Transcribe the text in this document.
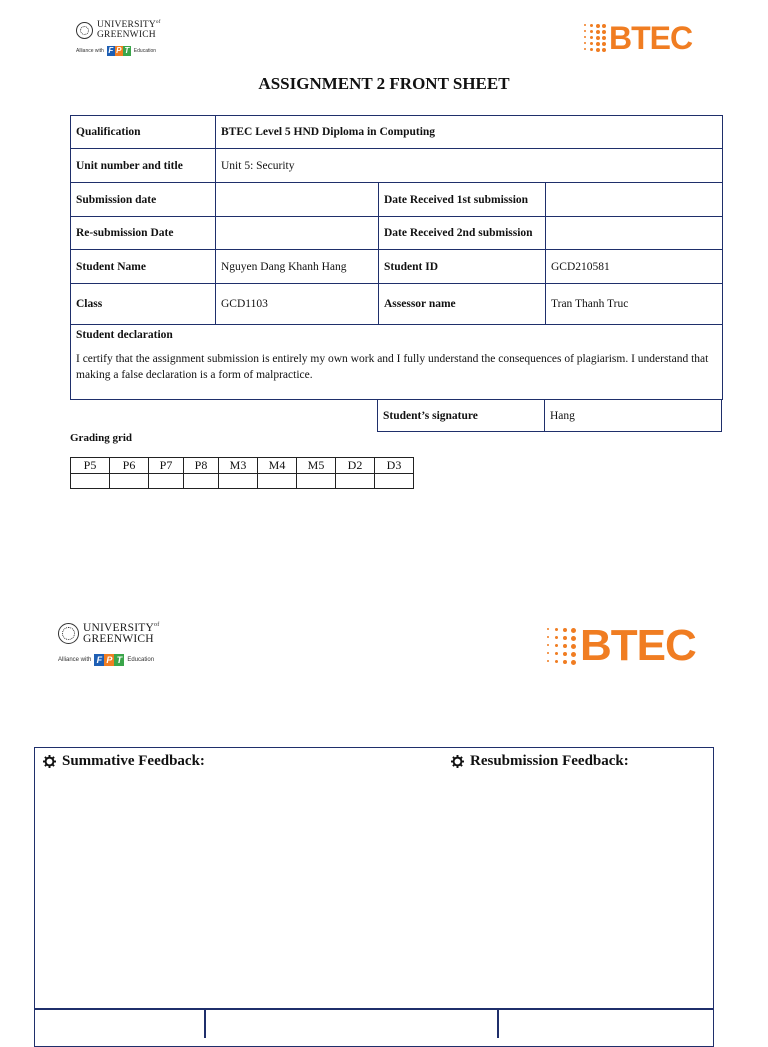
$UNIVERSITY^{of}$
GREENWICH
Alliance with F P T Education	BTEC
ASSIGNMENT 2 FRONT SHEET
Qualification	BTEC Level 5 HND Diploma in Computing		
Unit number and title	Unit 5: Security		
Submission date		Date Received 1st submission	
Re-submission Date		Date Received 2nd submission	
Student Name	Nguyen Dang Khanh Hang	Student ID	GCD210581
Class	GCD1103	Assessor name	Tran Thanh Truc

Student declaration
I certify that the assignment submission is entirely my own work and I fully understand the consequences of plagiarism. I understand that making a false declaration is a form of malpractice.			
Student’s signature	Hang
Grading grid
P5	P6	P7	P8	M3	M4	M5	D2	D3

$UNIVERSITY^{of}$
GREENWICH
Alliance with F P T Education	BTEC
Summative Feedback:	Resubmission Feedback:
